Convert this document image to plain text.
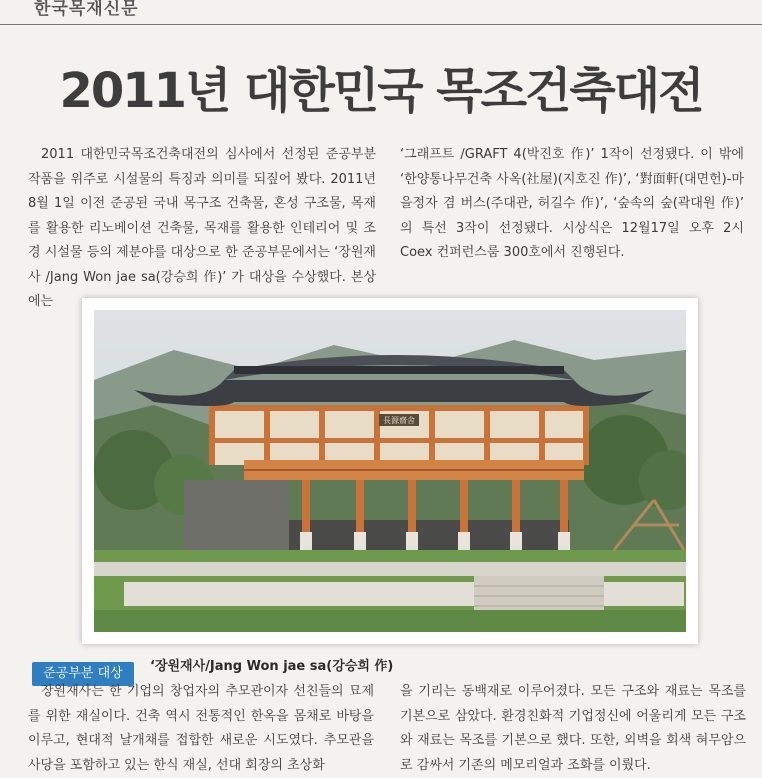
한국목재신문
2011년 대한민국 목조건축대전

2011 대한민국목조건축대전의 심사에서 선정된 준공부분 작품을 위주로 시설물의 특징과 의미를 되짚어 봤다. 2011년 8월 1일 이전 준공된 국내 목구조 건축물, 혼성 구조물, 목재를 활용한 리노베이션 건축물, 목재를 활용한 인테리어 및 조경 시설물 등의 제분야를 대상으로 한 준공부문에서는 ‘장원재사 /Jang Won jae sa(강승희 作)’ 가 대상을 수상했다. 본상에는

‘그래프트 /GRAFT 4(박진호 作)’ 1작이 선정됐다. 이 밖에 ‘한양통나무건축 사옥(社屋)(지호진 作)’, ‘對面軒(대면헌)-마을정자 겸 버스(주대관, 허길수 作)’, ‘숲속의 숲(곽대원 作)’ 의 특선 3작이 선정됐다. 시상식은 12월17일 오후 2시 Coex 컨퍼런스룸 300호에서 진행된다.

長源齋舍
준공부분 대상	‘장원재사/Jang Won jae sa(강승희 作)

장원재사는 한 기업의 창업자의 추모관이자 선친들의 묘제를 위한 재실이다. 건축 역시 전통적인 한옥을 몸채로 바탕을 이루고, 현대적 날개채를 접합한 새로운 시도였다. 추모관을 사당을 포함하고 있는 한식 재실, 선대 회장의 초상화

을 기리는 동백재로 이루어졌다. 모든 구조와 재료는 목조를 기본으로 삼았다. 환경친화적 기업정신에 어울리게 모든 구조와 재료는 목조를 기본으로 했다. 또한, 외벽을 회색 혀무암으로 감싸서 기존의 메모리얼과 조화를 이뤘다.
